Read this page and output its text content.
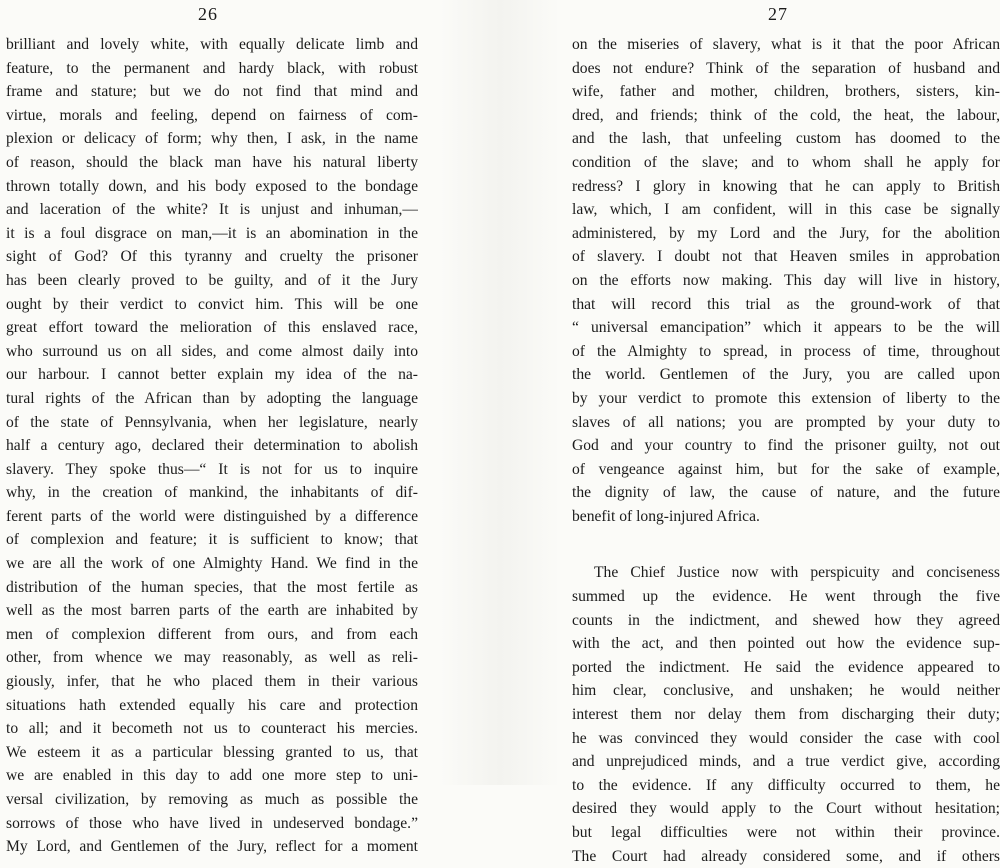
26
brilliant and lovely white, with equally delicate limb and
feature, to the permanent and hardy black, with robust
frame and stature; but we do not find that mind and
virtue, morals and feeling, depend on fairness of com-
plexion or delicacy of form; why then, I ask, in the name
of reason, should the black man have his natural liberty
thrown totally down, and his body exposed to the bondage
and laceration of the white? It is unjust and inhuman,—
it is a foul disgrace on man,—it is an abomination in the
sight of God? Of this tyranny and cruelty the prisoner
has been clearly proved to be guilty, and of it the Jury
ought by their verdict to convict him. This will be one
great effort toward the melioration of this enslaved race,
who surround us on all sides, and come almost daily into
our harbour. I cannot better explain my idea of the na-
tural rights of the African than by adopting the language
of the state of Pennsylvania, when her legislature, nearly
half a century ago, declared their determination to abolish
slavery. They spoke thus—“ It is not for us to inquire
why, in the creation of mankind, the inhabitants of dif-
ferent parts of the world were distinguished by a difference
of complexion and feature; it is sufficient to know; that
we are all the work of one Almighty Hand. We find in the
distribution of the human species, that the most fertile as
well as the most barren parts of the earth are inhabited by
men of complexion different from ours, and from each
other, from whence we may reasonably, as well as reli-
giously, infer, that he who placed them in their various
situations hath extended equally his care and protection
to all; and it becometh not us to counteract his mercies.
We esteem it as a particular blessing granted to us, that
we are enabled in this day to add one more step to uni-
versal civilization, by removing as much as possible the
sorrows of those who have lived in undeserved bondage.”
My Lord, and Gentlemen of the Jury, reflect for a moment
27
on the miseries of slavery, what is it that the poor African
does not endure? Think of the separation of husband and
wife, father and mother, children, brothers, sisters, kin-
dred, and friends; think of the cold, the heat, the labour,
and the lash, that unfeeling custom has doomed to the
condition of the slave; and to whom shall he apply for
redress? I glory in knowing that he can apply to British
law, which, I am confident, will in this case be signally
administered, by my Lord and the Jury, for the abolition
of slavery. I doubt not that Heaven smiles in approbation
on the efforts now making. This day will live in history,
that will record this trial as the ground-work of that
“ universal emancipation” which it appears to be the will
of the Almighty to spread, in process of time, throughout
the world. Gentlemen of the Jury, you are called upon
by your verdict to promote this extension of liberty to the
slaves of all nations; you are prompted by your duty to
God and your country to find the prisoner guilty, not out
of vengeance against him, but for the sake of example,
the dignity of law, the cause of nature, and the future
benefit of long-injured Africa.
The Chief Justice now with perspicuity and conciseness
summed up the evidence. He went through the five
counts in the indictment, and shewed how they agreed
with the act, and then pointed out how the evidence sup-
ported the indictment. He said the evidence appeared to
him clear, conclusive, and unshaken; he would neither
interest them nor delay them from discharging their duty;
he was convinced they would consider the case with cool
and unprejudiced minds, and a true verdict give, according
to the evidence. If any difficulty occurred to them, he
desired they would apply to the Court without hesitation;
but legal difficulties were not within their province.
The Court had already considered some, and if others
